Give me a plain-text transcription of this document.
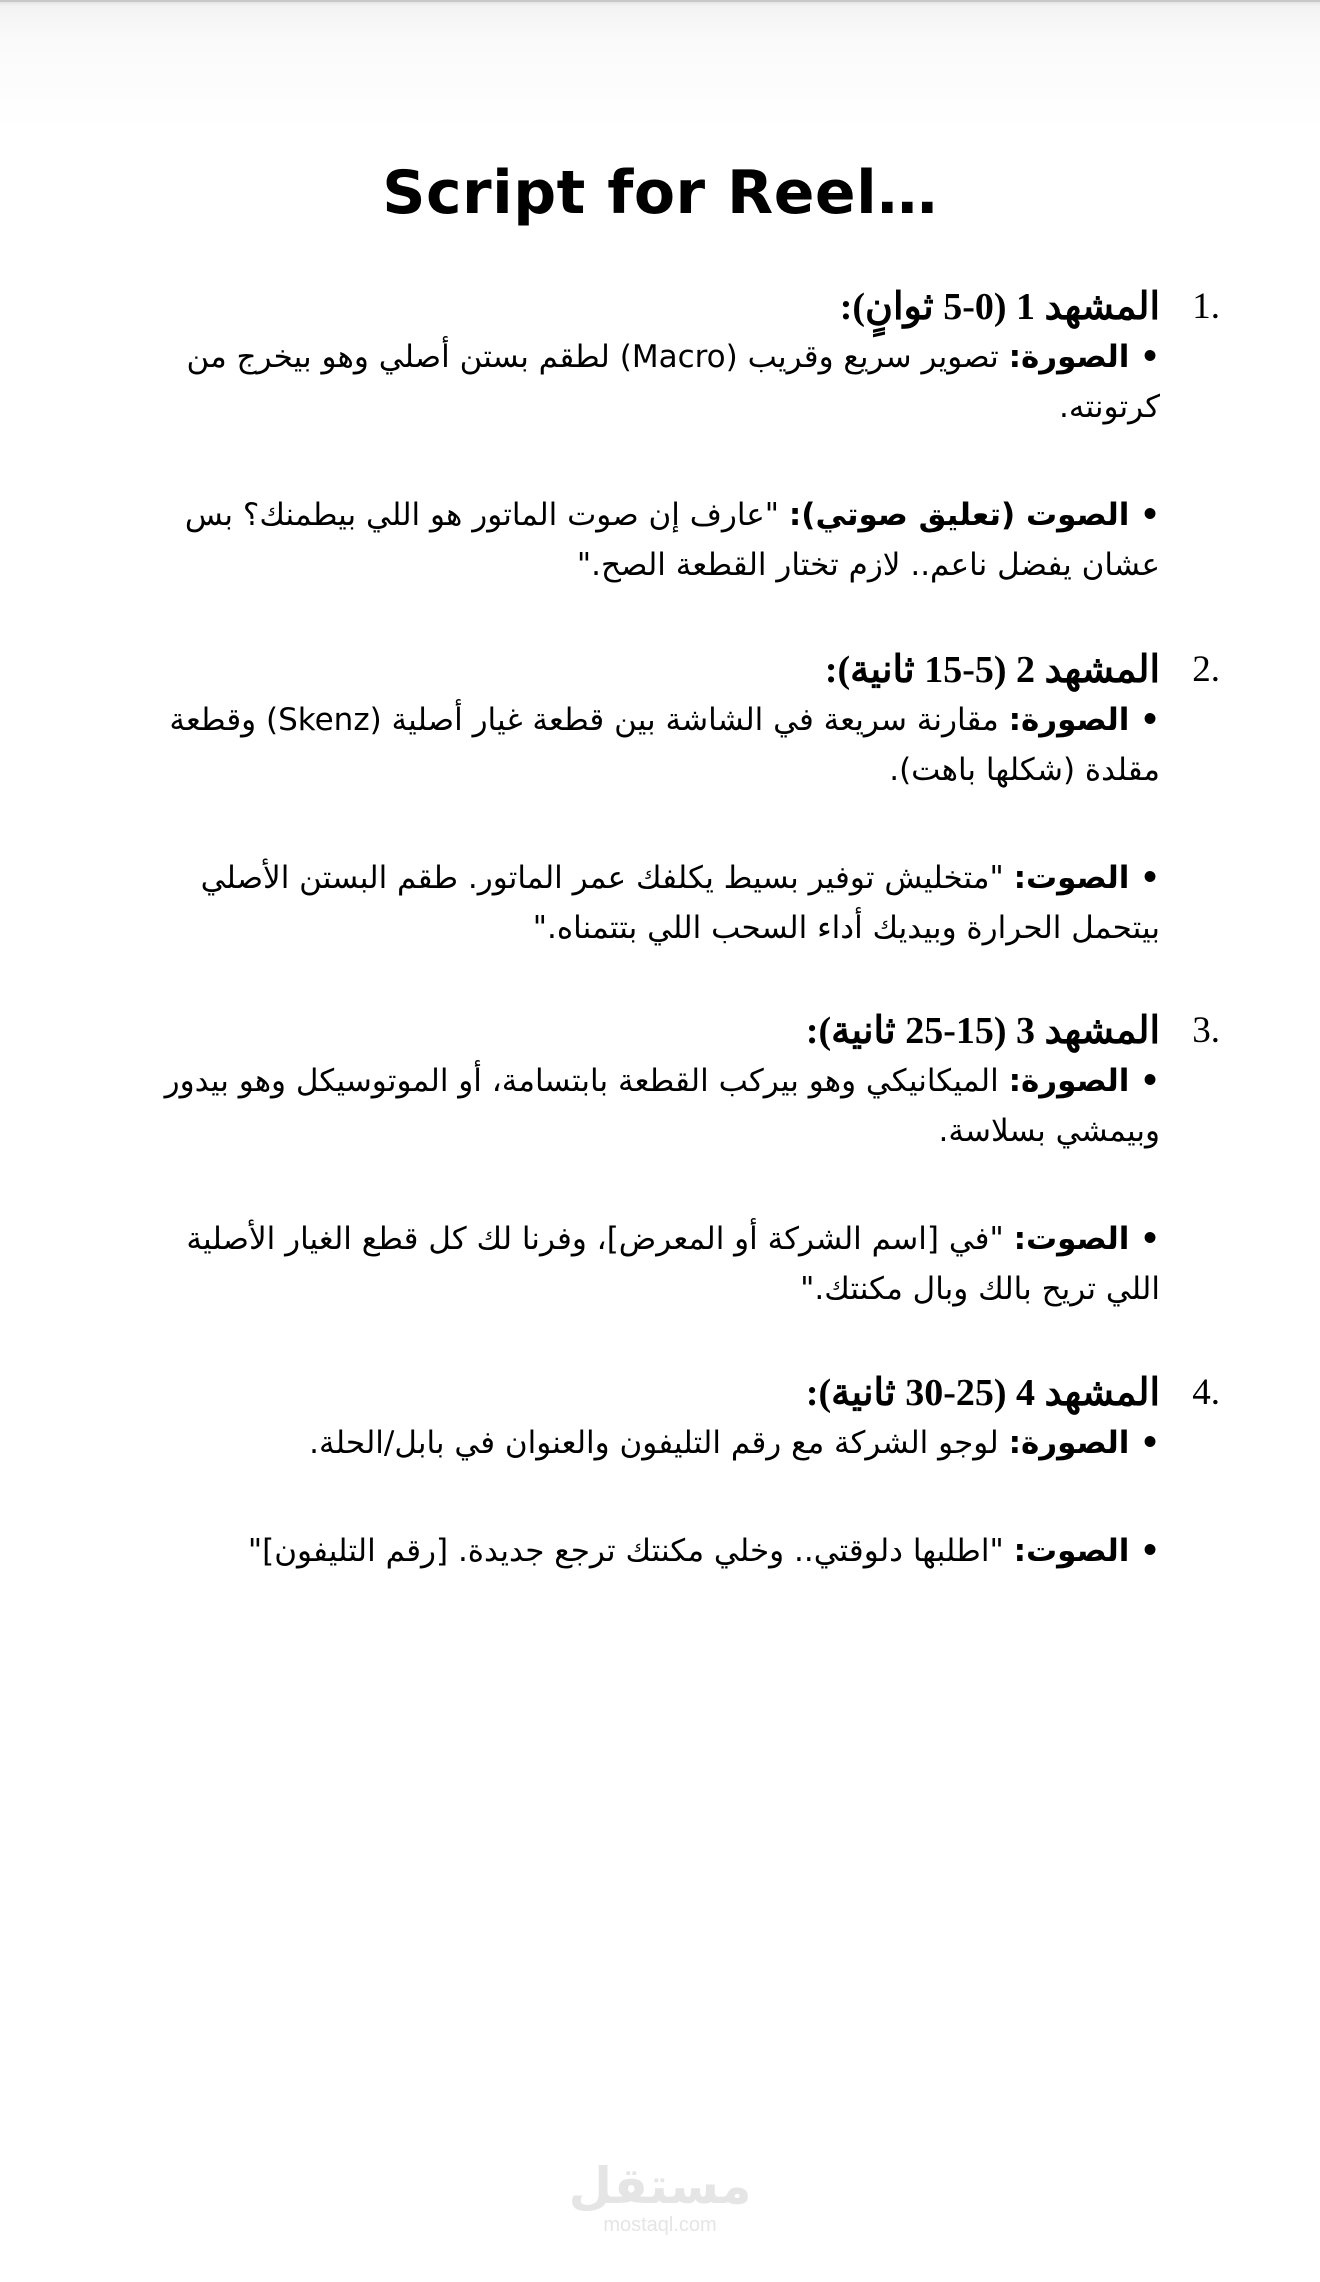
Script for Reel…
1.
المشهد 1 (0-5 ثوانٍ):
• الصورة: تصوير سريع وقريب (Macro) لطقم بستن أصلي وهو بيخرج من كرتونته.
• الصوت (تعليق صوتي): "عارف إن صوت الماتور هو اللي بيطمنك؟ بس عشان يفضل ناعم.. لازم تختار القطعة الصح."
2.
المشهد 2 (5-15 ثانية):
• الصورة: مقارنة سريعة في الشاشة بين قطعة غيار أصلية (Skenz) وقطعة مقلدة (شكلها باهت).
• الصوت: "متخليش توفير بسيط يكلفك عمر الماتور. طقم البستن الأصلي بيتحمل الحرارة وبيديك أداء السحب اللي بتتمناه."
3.
المشهد 3 (15-25 ثانية):
• الصورة: الميكانيكي وهو بيركب القطعة بابتسامة، أو الموتوسيكل وهو بيدور وبيمشي بسلاسة.
• الصوت: "في [اسم الشركة أو المعرض]، وفرنا لك كل قطع الغيار الأصلية اللي تريح بالك وبال مكنتك."
4.
المشهد 4 (25-30 ثانية):
• الصورة: لوجو الشركة مع رقم التليفون والعنوان في بابل/الحلة.
• الصوت: "اطلبها دلوقتي.. وخلي مكنتك ترجع جديدة. [رقم التليفون]"
مستقل
mostaql.com
